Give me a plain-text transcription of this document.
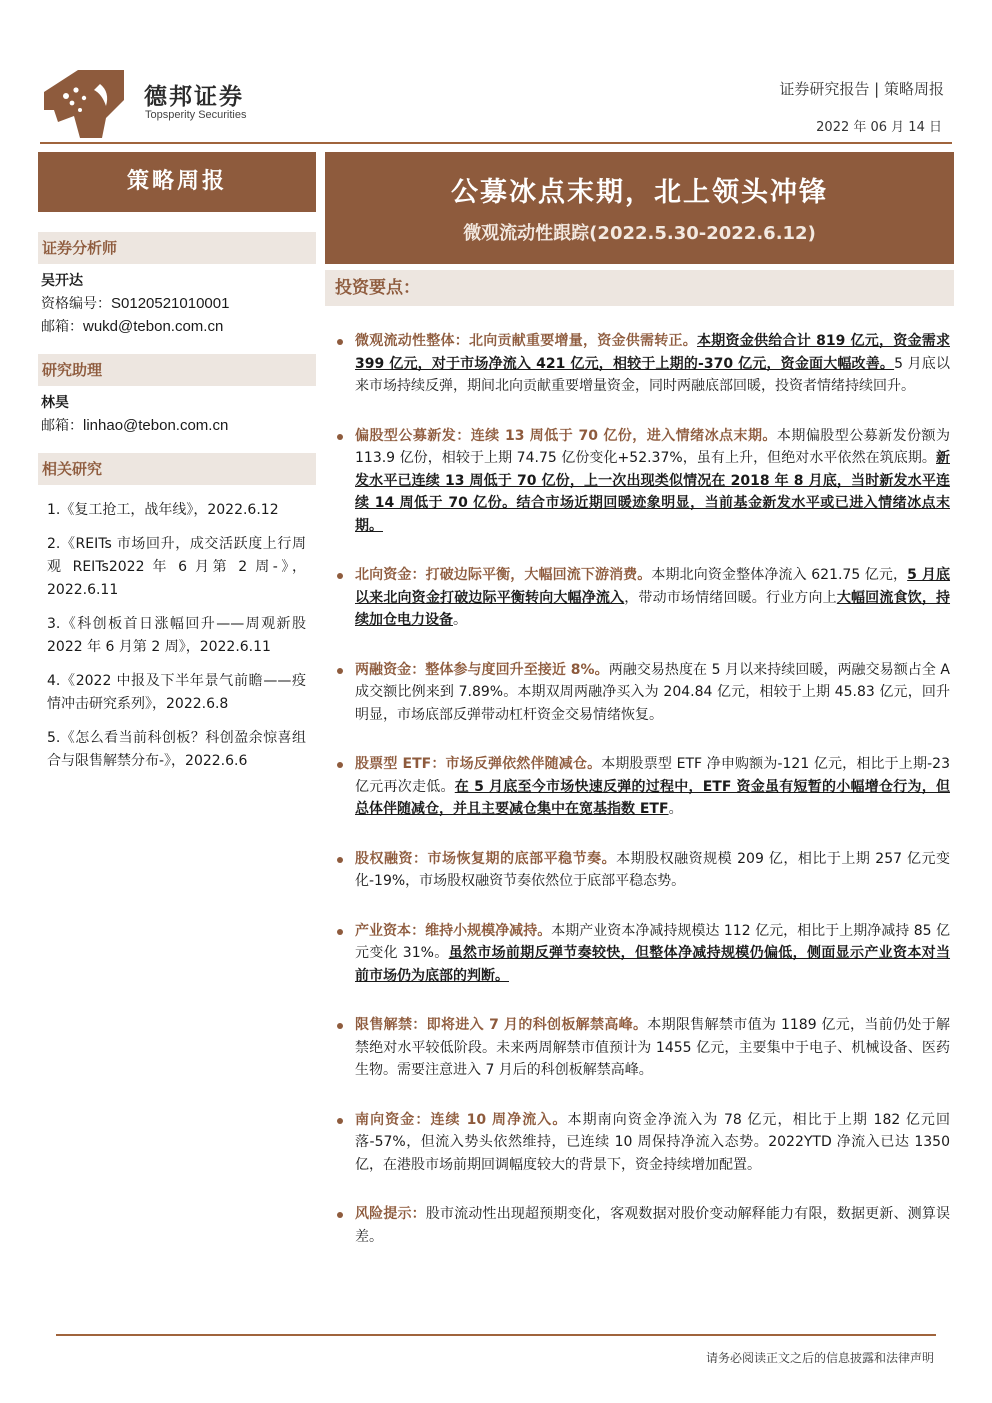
德邦证券
Topsperity Securities
证券研究报告 | 策略周报
2022 年 06 月 14 日
策略周报
证券分析师
吴开达
资格编号：S0120521010001
邮箱：wukd@tebon.com.cn
研究助理
林昊
邮箱：linhao@tebon.com.cn
相关研究
1.《复工抢工，战年线》，2022.6.12
2.《REITs 市场回升，成交活跃度上行周观 REITs2022 年 6 月第 2 周-》，2022.6.11
3.《科创板首日涨幅回升——周观新股 2022 年 6 月第 2 周》，2022.6.11
4.《2022 中报及下半年景气前瞻——疫情冲击研究系列》，2022.6.8
5.《怎么看当前科创板？科创盈余惊喜组合与限售解禁分布-》，2022.6.6
公募冰点末期，北上领头冲锋
微观流动性跟踪(2022.5.30-2022.6.12)
投资要点：
微观流动性整体：北向贡献重要增量，资金供需转正。本期资金供给合计 819 亿元，资金需求 399 亿元，对于市场净流入 421 亿元，相较于上期的-370 亿元，资金面大幅改善。5 月底以来市场持续反弹，期间北向贡献重要增量资金，同时两融底部回暖，投资者情绪持续回升。
偏股型公募新发：连续 13 周低于 70 亿份，进入情绪冰点末期。本期偏股型公募新发份额为 113.9 亿份，相较于上期 74.75 亿份变化+52.37%，虽有上升，但绝对水平依然在筑底期。新发水平已连续 13 周低于 70 亿份，上一次出现类似情况在 2018 年 8 月底，当时新发水平连续 14 周低于 70 亿份。结合市场近期回暖迹象明显，当前基金新发水平或已进入情绪冰点末期。
北向资金：打破边际平衡，大幅回流下游消费。本期北向资金整体净流入 621.75 亿元，5 月底以来北向资金打破边际平衡转向大幅净流入，带动市场情绪回暖。行业方向上大幅回流食饮，持续加仓电力设备。
两融资金：整体参与度回升至接近 8%。两融交易热度在 5 月以来持续回暖，两融交易额占全 A 成交额比例来到 7.89%。本期双周两融净买入为 204.84 亿元，相较于上期 45.83 亿元，回升明显，市场底部反弹带动杠杆资金交易情绪恢复。
股票型 ETF：市场反弹依然伴随减仓。本期股票型 ETF 净申购额为-121 亿元，相比于上期-23 亿元再次走低。在 5 月底至今市场快速反弹的过程中，ETF 资金虽有短暂的小幅增仓行为，但总体伴随减仓，并且主要减仓集中在宽基指数 ETF。
股权融资：市场恢复期的底部平稳节奏。本期股权融资规模 209 亿，相比于上期 257 亿元变化-19%，市场股权融资节奏依然位于底部平稳态势。
产业资本：维持小规模净减持。本期产业资本净减持规模达 112 亿元，相比于上期净减持 85 亿元变化 31%。虽然市场前期反弹节奏较快，但整体净减持规模仍偏低，侧面显示产业资本对当前市场仍为底部的判断。
限售解禁：即将进入 7 月的科创板解禁高峰。本期限售解禁市值为 1189 亿元，当前仍处于解禁绝对水平较低阶段。未来两周解禁市值预计为 1455 亿元，主要集中于电子、机械设备、医药生物。需要注意进入 7 月后的科创板解禁高峰。
南向资金：连续 10 周净流入。本期南向资金净流入为 78 亿元，相比于上期 182 亿元回落-57%，但流入势头依然维持，已连续 10 周保持净流入态势。2022YTD 净流入已达 1350 亿，在港股市场前期回调幅度较大的背景下，资金持续增加配置。
风险提示：股市流动性出现超预期变化，客观数据对股价变动解释能力有限，数据更新、测算误差。
请务必阅读正文之后的信息披露和法律声明
